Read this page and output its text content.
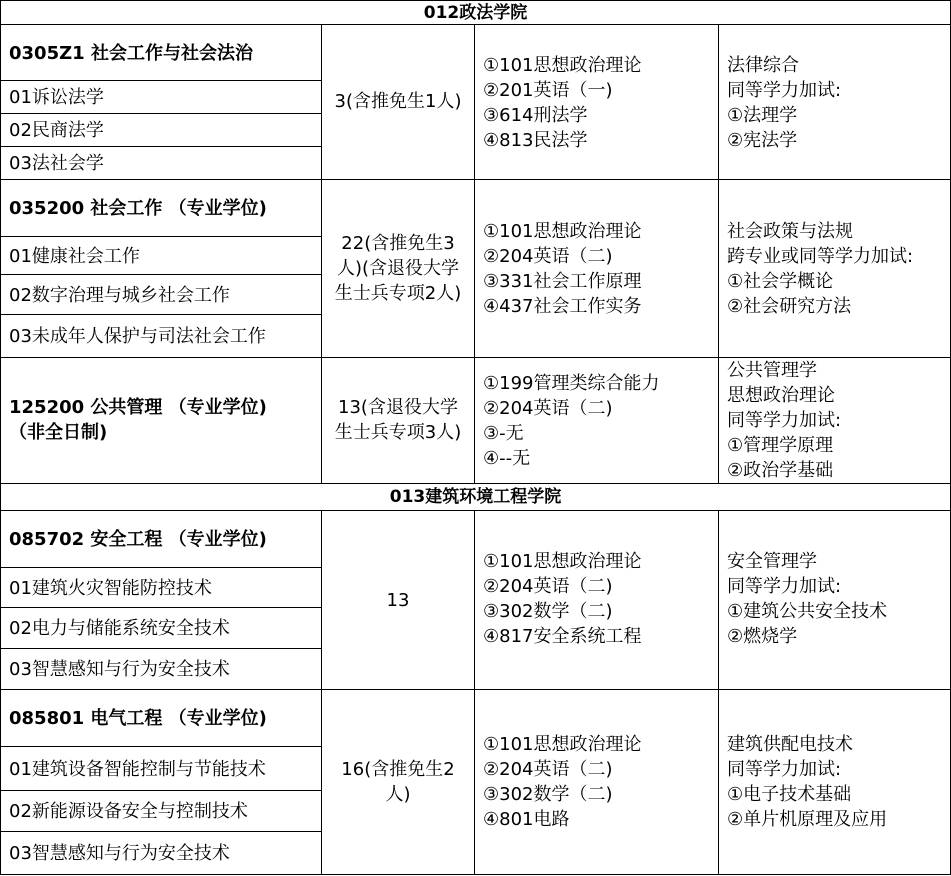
012政法学院
0305Z1 社会工作与社会法治
01诉讼法学
02民商法学
03法社会学
3(含推免生1人)
①101思想政治理论
②201英语（一)
③614刑法学
④813民法学
法律综合
同等学力加试:
①法理学
②宪法学
035200 社会工作 （专业学位)
01健康社会工作
02数字治理与城乡社会工作
03未成年人保护与司法社会工作
22(含推免生3
人)(含退役大学
生士兵专项2人)
①101思想政治理论
②204英语（二)
③331社会工作原理
④437社会工作实务
社会政策与法规
跨专业或同等学力加试:
①社会学概论
②社会研究方法
125200 公共管理 （专业学位)
（非全日制)
13(含退役大学
生士兵专项3人)
①199管理类综合能力
②204英语（二)
③-无
④--无
公共管理学
思想政治理论
同等学力加试:
①管理学原理
②政治学基础
013建筑环境工程学院
085702 安全工程 （专业学位)
01建筑火灾智能防控技术
02电力与储能系统安全技术
03智慧感知与行为安全技术
13
①101思想政治理论
②204英语（二)
③302数学（二)
④817安全系统工程
安全管理学
同等学力加试:
①建筑公共安全技术
②燃烧学
085801 电气工程 （专业学位)
01建筑设备智能控制与节能技术
02新能源设备安全与控制技术
03智慧感知与行为安全技术
16(含推免生2
人)
①101思想政治理论
②204英语（二)
③302数学（二)
④801电路
建筑供配电技术
同等学力加试:
①电子技术基础
②单片机原理及应用
